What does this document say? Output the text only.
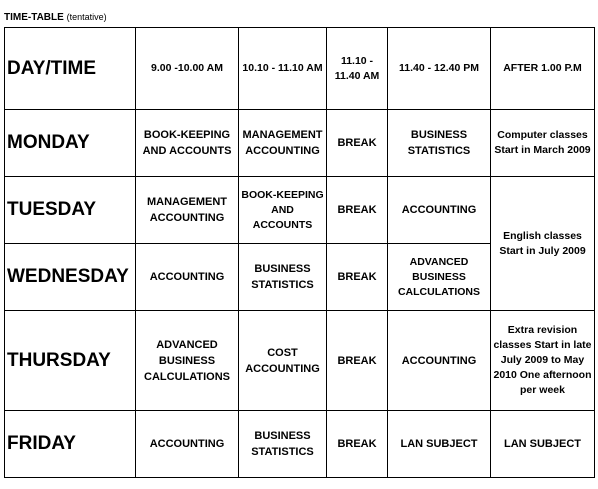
TIME-TABLE (tentative)
DAY/TIME	9.00 -10.00 AM	10.10 - 11.10 AM	11.10 - 11.40 AM	11.40 - 12.40 PM	AFTER 1.00 P.M
MONDAY	BOOK-KEEPING AND ACCOUNTS	MANAGEMENT ACCOUNTING	BREAK	BUSINESS STATISTICS	Computer classes Start in March 2009
TUESDAY	MANAGEMENT ACCOUNTING	BOOK-KEEPING AND ACCOUNTS	BREAK	ACCOUNTING	English classes Start in July 2009
WEDNESDAY	ACCOUNTING	BUSINESS STATISTICS	BREAK	ADVANCED BUSINESS CALCULATIONS	
THURSDAY	ADVANCED BUSINESS CALCULATIONS	COST ACCOUNTING	BREAK	ACCOUNTING	Extra revision classes Start in late July 2009 to May 2010 One afternoon per week
FRIDAY	ACCOUNTING	BUSINESS STATISTICS	BREAK	LAN SUBJECT	LAN SUBJECT
